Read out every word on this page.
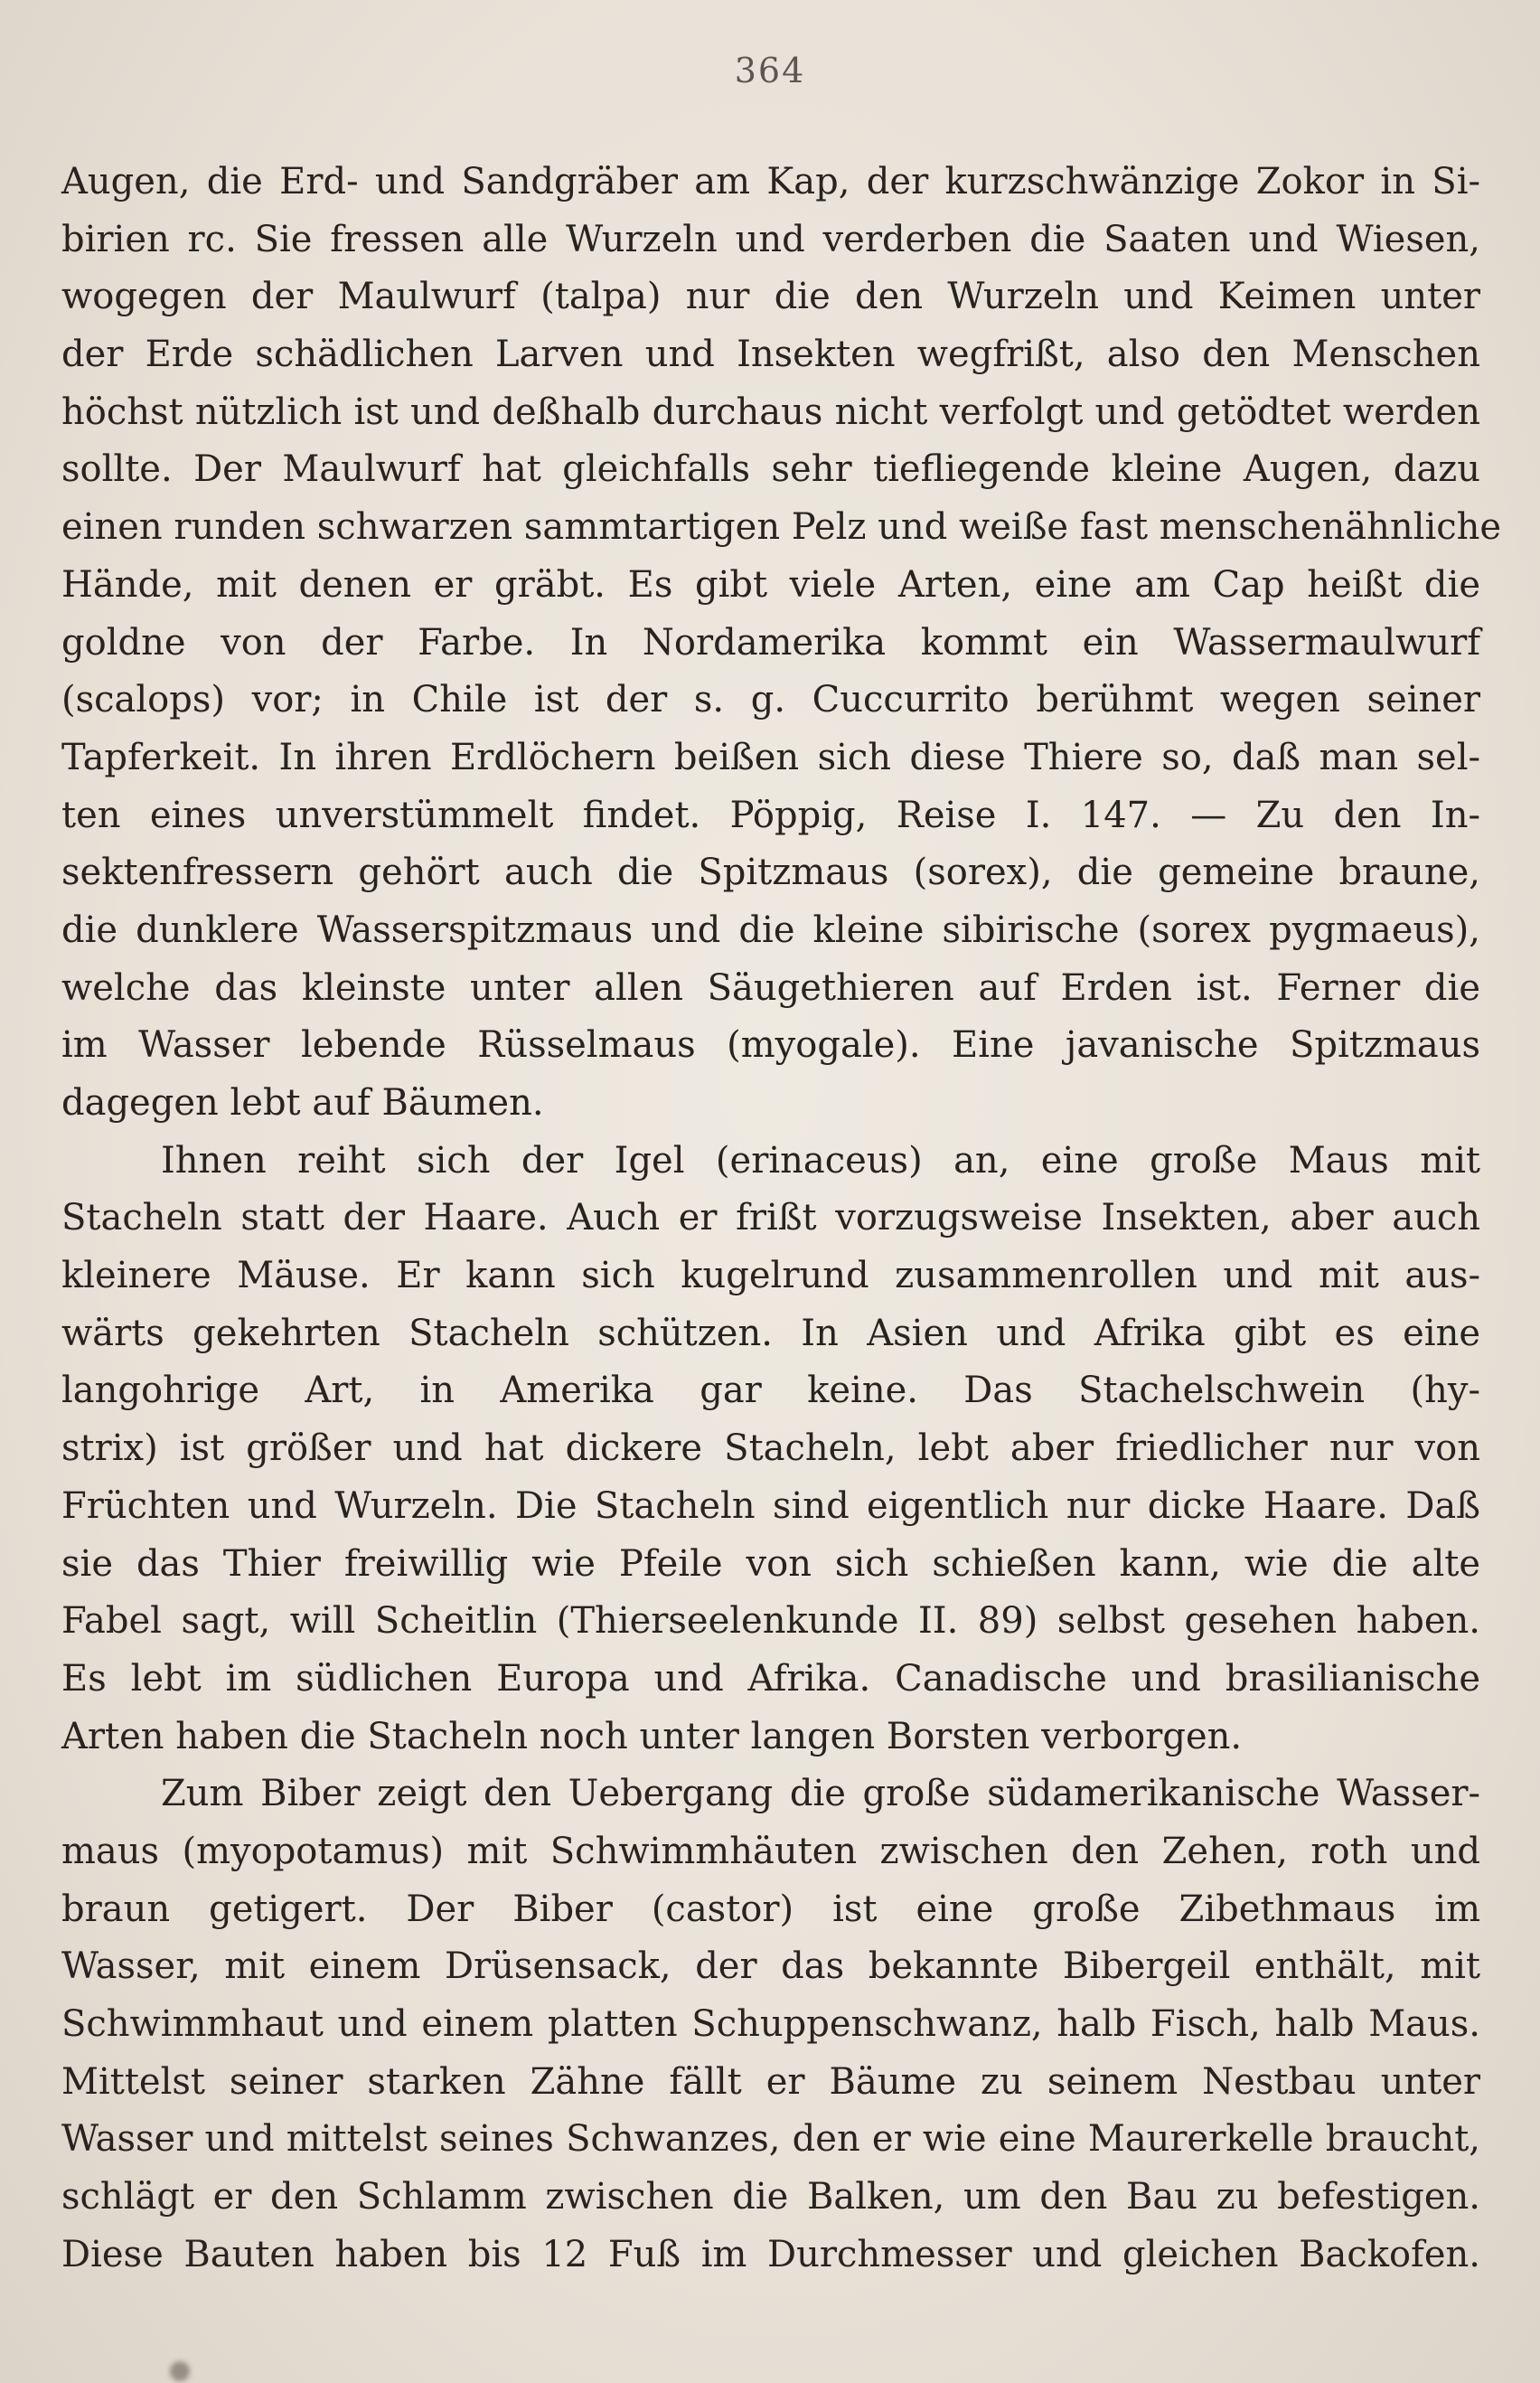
364
Augen, die Erd- und Sandgräber am Kap, der kurzschwänzige Zokor in Si-
birien rc. Sie fressen alle Wurzeln und verderben die Saaten und Wiesen,
wogegen der Maulwurf (talpa) nur die den Wurzeln und Keimen unter
der Erde schädlichen Larven und Insekten wegfrißt, also den Menschen
höchst nützlich ist und deßhalb durchaus nicht verfolgt und getödtet werden
sollte. Der Maulwurf hat gleichfalls sehr tiefliegende kleine Augen, dazu
einen runden schwarzen sammtartigen Pelz und weiße fast menschenähnliche
Hände, mit denen er gräbt. Es gibt viele Arten, eine am Cap heißt die
goldne von der Farbe. In Nordamerika kommt ein Wassermaulwurf
(scalops) vor; in Chile ist der s. g. Cuccurrito berühmt wegen seiner
Tapferkeit. In ihren Erdlöchern beißen sich diese Thiere so, daß man sel-
ten eines unverstümmelt findet. Pöppig, Reise I. 147. — Zu den In-
sektenfressern gehört auch die Spitzmaus (sorex), die gemeine braune,
die dunklere Wasserspitzmaus und die kleine sibirische (sorex pygmaeus),
welche das kleinste unter allen Säugethieren auf Erden ist. Ferner die
im Wasser lebende Rüsselmaus (myogale). Eine javanische Spitzmaus
dagegen lebt auf Bäumen.
Ihnen reiht sich der Igel (erinaceus) an, eine große Maus mit
Stacheln statt der Haare. Auch er frißt vorzugsweise Insekten, aber auch
kleinere Mäuse. Er kann sich kugelrund zusammenrollen und mit aus-
wärts gekehrten Stacheln schützen. In Asien und Afrika gibt es eine
langohrige Art, in Amerika gar keine. Das Stachelschwein (hy-
strix) ist größer und hat dickere Stacheln, lebt aber friedlicher nur von
Früchten und Wurzeln. Die Stacheln sind eigentlich nur dicke Haare. Daß
sie das Thier freiwillig wie Pfeile von sich schießen kann, wie die alte
Fabel sagt, will Scheitlin (Thierseelenkunde II. 89) selbst gesehen haben.
Es lebt im südlichen Europa und Afrika. Canadische und brasilianische
Arten haben die Stacheln noch unter langen Borsten verborgen.
Zum Biber zeigt den Uebergang die große südamerikanische Wasser-
maus (myopotamus) mit Schwimmhäuten zwischen den Zehen, roth und
braun getigert. Der Biber (castor) ist eine große Zibethmaus im
Wasser, mit einem Drüsensack, der das bekannte Bibergeil enthält, mit
Schwimmhaut und einem platten Schuppenschwanz, halb Fisch, halb Maus.
Mittelst seiner starken Zähne fällt er Bäume zu seinem Nestbau unter
Wasser und mittelst seines Schwanzes, den er wie eine Maurerkelle braucht,
schlägt er den Schlamm zwischen die Balken, um den Bau zu befestigen.
Diese Bauten haben bis 12 Fuß im Durchmesser und gleichen Backofen.
